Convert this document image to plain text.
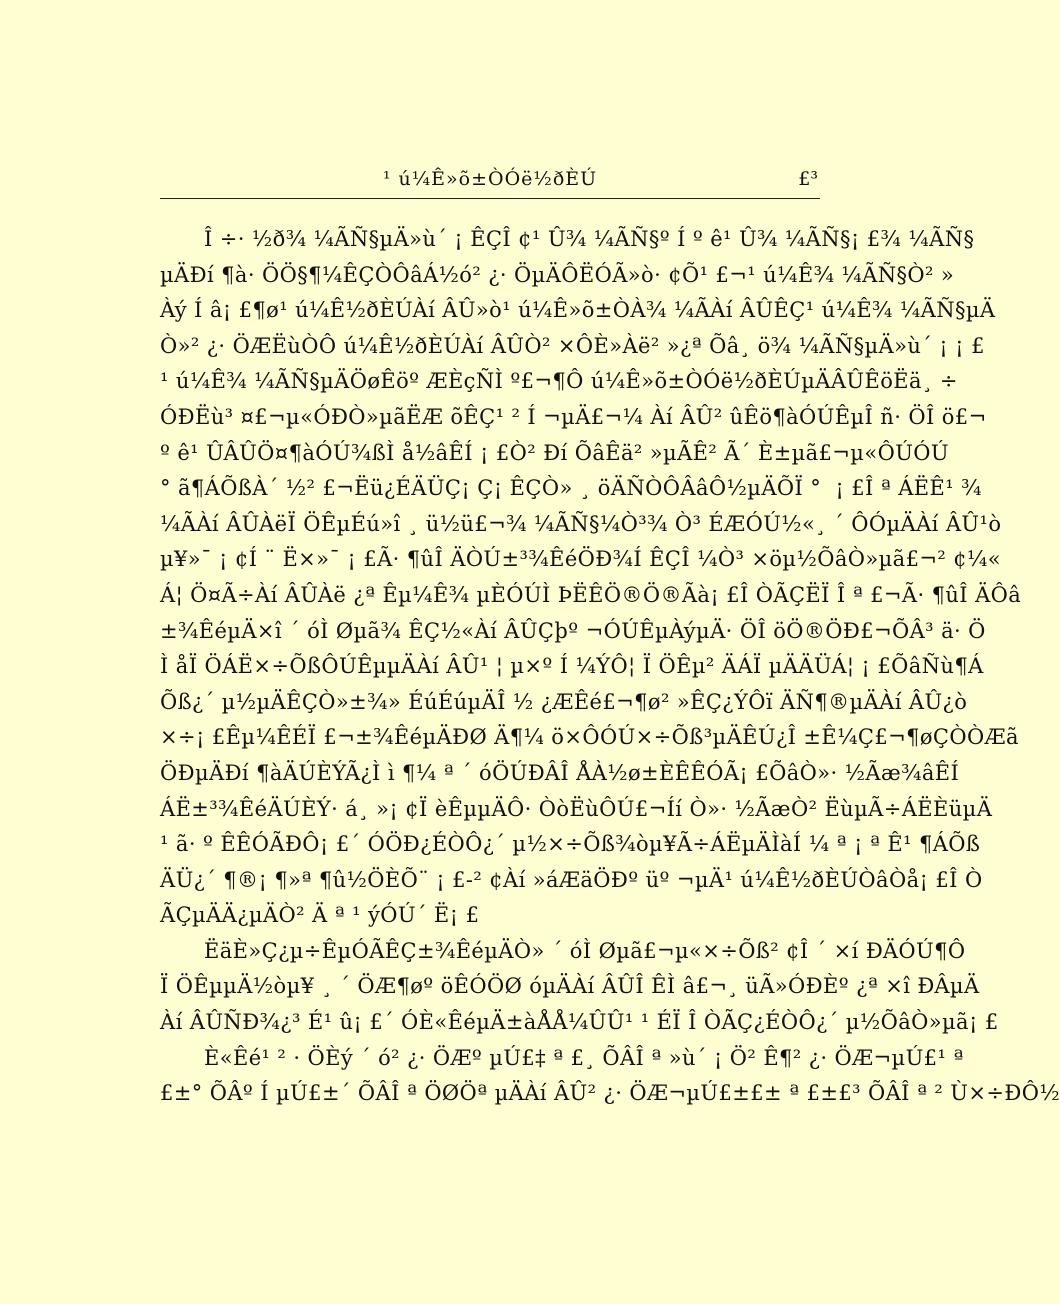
¹ ú¼Ê»õ±ÒÓë½ðÈÚ	£³
Î ÷· ½ð¾ ¼ÃÑ§µÄ»ù´ ¡ ÊÇÎ ¢¹ Û¾ ¼ÃÑ§º Í º ê¹ Û¾ ¼ÃÑ§¡ £¾ ¼ÃÑ§
µÄÐí ¶à· ÖÖ§¶¼ÊÇÒÔâÁ½ó² ¿· ÖµÄÔËÓÃ»ò· ¢Õ¹ £¬¹ ú¼Ê¾ ¼ÃÑ§Ò² »
Àý Í â¡ £¶ø¹ ú¼Ê½ðÈÚÀí ÂÛ»ò¹ ú¼Ê»õ±ÒÀ¾ ¼ÃÀí ÂÛÊÇ¹ ú¼Ê¾ ¼ÃÑ§µÄ
Ò»² ¿· ÖÆËùÒÔ ú¼Ê½ðÈÚÀí ÂÛÒ² ×ÔÈ»Àë² »¿ª Õâ¸ ö¾ ¼ÃÑ§µÄ»ù´ ¡ ¡ £
¹ ú¼Ê¾ ¼ÃÑ§µÄÖøÊöº ÆÈçÑÌ º£¬¶Ô ú¼Ê»õ±ÒÓë½ðÈÚµÄÂÛÊöËä¸ ÷
ÓÐËù³ ¤£¬µ«ÓÐÒ»µãËÆ õÊÇ¹ ² Í ¬µÄ£¬¼ Àí ÂÛ² ûÊö¶àÓÚÊµÎ ñ· ÖÎ ö£¬
º ê¹ ÛÂÛÖ¤¶àÓÚ¾ßÌ å½âÊÍ ¡ £Ò² Ðí ÕâÊä² »µÃÊ² Ã´ È±µã£¬µ«ÔÚÓÚ
° ã¶ÁÕßÀ´ ½² £¬Ëü¿ÉÄÜÇ¡ Ç¡ ÊÇÒ» ¸ öÄÑÒÔÂâÔ½µÄÕÏ ° ¡ £Î ª ÁËÊ¹ ¾
¼ÃÀí ÂÛÀëÏ ÖÊµÉú»î ¸ ü½ü£¬¾ ¼ÃÑ§¼Ò³¾ Ò³ ÉÆÓÚ½«¸ ´ ÔÓµÄÀí ÂÛ¹ò
µ¥»¯ ¡ ¢Í ¨ Ë×»¯ ¡ £Ã· ¶ûÎ ÄÒÚ±³¾ÊéÖÐ¾Í ÊÇÎ ¼Ò³ ×öµ½ÕâÒ»µã£¬² ¢¼«
Á¦ Ö¤Ã÷Àí ÂÛÀë ¿ª Êµ¼Ê¾ µÈÓÚÌ ÞËÊÖ®Ö®Ãà¡ £Î ÒÃÇËÏ Î ª £¬Ã· ¶ûÎ ÄÔâ
±¾ÊéµÄ×î ´ óÌ Øµã¾ ÊÇ½«Àí ÂÛÇþº ¬ÓÚÊµÀýµÄ· ÖÎ öÖ®ÖÐ£¬ÕÂ³ ä· Ö
Ì åÏ ÖÁË×÷ÕßÔÚÊµµÄÀí ÂÛ¹ ¦ µ×º Í ¼ÝÔ¦ Ï ÖÊµ² ÄÁÏ µÄÄÜÁ¦ ¡ £ÕâÑù¶Á
Õß¿´ µ½µÄÊÇÒ»±¾» ÉúÉúµÄÎ ½ ¿ÆÊé£¬¶ø² »ÊÇ¿ÝÔï ÄÑ¶®µÄÀí ÂÛ¿ò
×÷¡ £Êµ¼ÊÉÏ £¬±¾ÊéµÄÐØ Ä¶¼ ö×ÔÓÚ×÷Õß³µÄÊÚ¿Î ±Ê¼Ç£¬¶øÇÒÒÆã
ÖÐµÄÐí ¶àÄÚÈÝÃ¿Ì ì ¶¼ ª ´ óÖÚÐÂÎ ÅÀ½ø±ÈÊÊÓÃ¡ £ÕâÒ»· ½Ãæ¾âÊÍ
ÁË±³¾ÊéÄÚÈÝ· á¸ »¡ ¢Ï èÊµµÄÔ· ÒòËùÔÚ£¬Íí Ò»· ½ÃæÒ² ËùµÃ÷ÁËÈüµÄ
¹ ã· º ÊÊÓÃÐÔ¡ £´ ÓÖÐ¿ÉÒÔ¿´ µ½×÷Õß¾òµ¥Ã÷ÁËµÄÌàÍ ¼ ª ¡ ª Ê¹ ¶ÁÕß
ÄÜ¿´ ¶®¡ ¶»ª ¶û½ÖÈÕ¨ ¡ £-² ¢Àí »áÆäÖÐº üº ¬µÄ¹ ú¼Ê½ðÈÚÒâÒå¡ £Î Ò
ÃÇµÄÄ¿µÄÒ² Ä ª ¹ ýÓÚ´ Ë¡ £
ËäÈ»Ç¿µ÷ÊµÓÃÊÇ±¾ÊéµÄÒ» ´ óÌ Øµã£¬µ«×÷Õß² ¢Î ´ ×í ÐÄÓÚ¶Ô
Ï ÖÊµµÄ½òµ¥ ¸ ´ ÖÆ¶øº öÊÓÖØ óµÄÀí ÂÛÎ ÊÌ â£¬¸ üÃ»ÓÐÈº ¿ª ×î ÐÂµÄ
Àí ÂÛÑÐ¾¿³ É¹ û¡ £´ ÓÈ«ÊéµÄ±àÅÅ¼ÛÛ¹ ¹ ÉÏ Î ÒÃÇ¿ÉÒÔ¿´ µ½ÕâÒ»µã¡ £
È«Êé¹ ² · ÖÈý ´ ó² ¿· ÖÆº µÚ£‡ ª £¸ ÕÂÎ ª »ù´ ¡ Ö² Ê¶² ¿· ÖÆ¬µÚ£¹ ª
£±° ÕÂº Í µÚ£±´ ÕÂÎ ª ÖØÖª µÄÀí ÂÛ² ¿· ÖÆ¬µÚ£±£± ª £±£³ ÕÂÎ ª ² Ù×÷ÐÔ½
